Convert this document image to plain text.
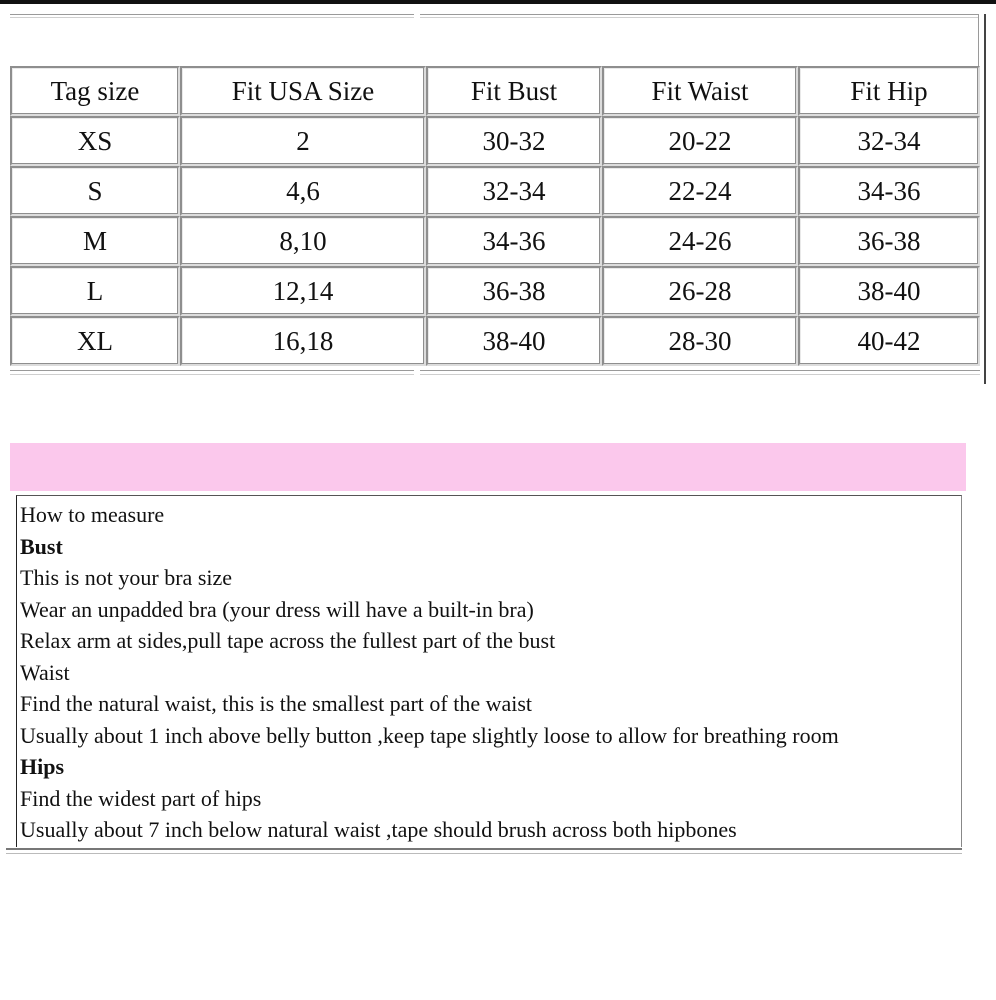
Tag size	Fit USA Size	Fit Bust	Fit Waist	Fit Hip
XS	2	30-32	20-22	32-34
S	4,6	32-34	22-24	34-36
M	8,10	34-36	24-26	36-38
L	12,14	36-38	26-28	38-40
XL	16,18	38-40	28-30	40-42
How to measure
Bust
This is not your bra size
Wear an unpadded bra (your dress will have a built-in bra)
Relax arm at sides,pull tape across the fullest part of the bust
Waist
Find the natural waist, this is the smallest part of the waist
Usually about 1 inch above belly button ,keep tape slightly loose to allow for breathing room
Hips
Find the widest part of hips
Usually about 7 inch below natural waist ,tape should brush across both hipbones
